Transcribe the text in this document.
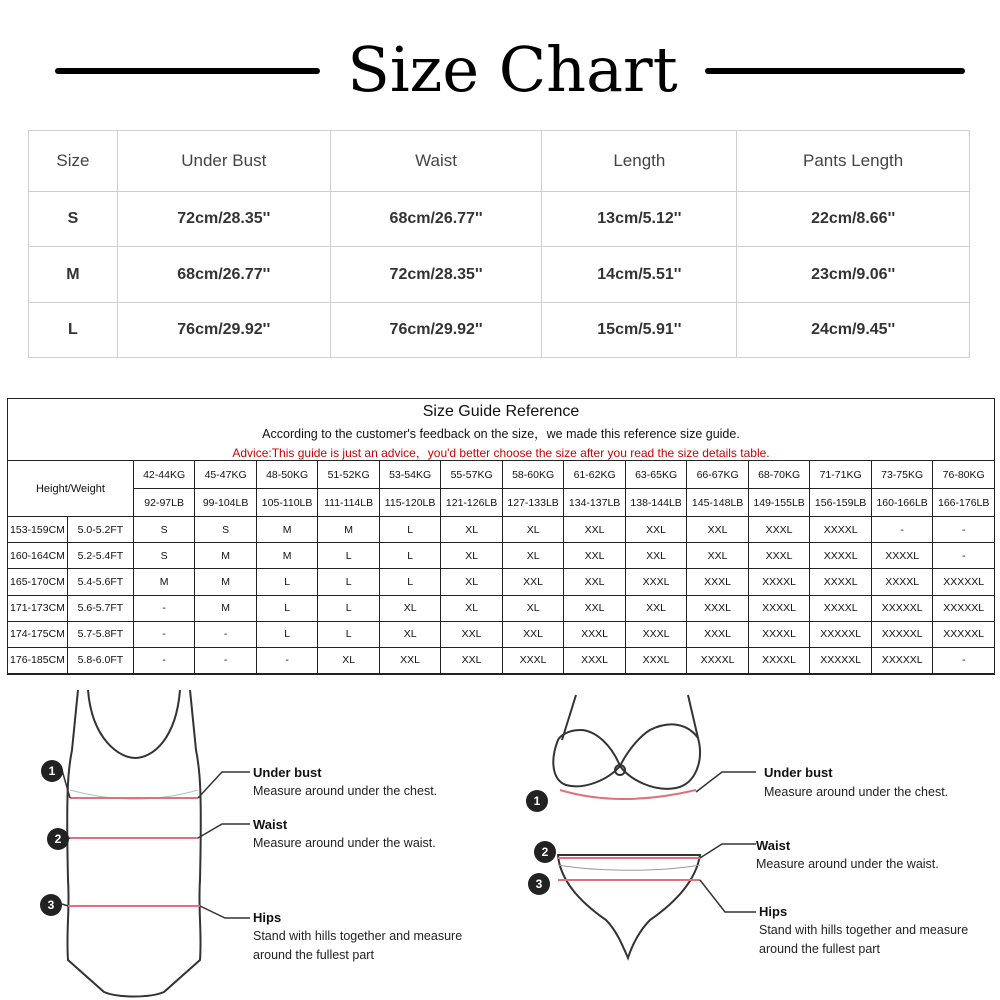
Size Chart
Size	Under Bust	Waist	Length	Pants Length
S	72cm/28.35''	68cm/26.77''	13cm/5.12''	22cm/8.66''
M	68cm/26.77''	72cm/28.35''	14cm/5.51''	23cm/9.06''
L	76cm/29.92''	76cm/29.92''	15cm/5.91''	24cm/9.45''
Size Guide Reference
According to the customer's feedback on the size，we made this reference size guide.
Advice:This guide is just an advice，you'd better choose the size after you read the size details table.
Height/Weight		42-44KG	45-47KG	48-50KG	51-52KG	53-54KG	55-57KG	58-60KG	61-62KG	63-65KG	66-67KG	68-70KG	71-71KG	73-75KG	76-80KG
		92-97LB	99-104LB	105-110LB	111-114LB	115-120LB	121-126LB	127-133LB	134-137LB	138-144LB	145-148LB	149-155LB	156-159LB	160-166LB	166-176LB
153-159CM	5.0-5.2FT	S	S	M	M	L	XL	XL	XXL	XXL	XXL	XXXL	XXXXL	-	-
160-164CM	5.2-5.4FT	S	M	M	L	L	XL	XL	XXL	XXL	XXL	XXXL	XXXXL	XXXXL	-
165-170CM	5.4-5.6FT	M	M	L	L	L	XL	XXL	XXL	XXXL	XXXL	XXXXL	XXXXL	XXXXL	XXXXXL
171-173CM	5.6-5.7FT	-	M	L	L	XL	XL	XL	XXL	XXL	XXXL	XXXXL	XXXXL	XXXXXL	XXXXXL
174-175CM	5.7-5.8FT	-	-	L	L	XL	XXL	XXL	XXXL	XXXL	XXXL	XXXXL	XXXXXL	XXXXXL	XXXXXL
176-185CM	5.8-6.0FT	-	-	-	XL	XXL	XXL	XXXL	XXXL	XXXL	XXXXL	XXXXL	XXXXXL	XXXXXL	-
1
2
3
Under bust
Measure around under the chest.
Waist
Measure around under the waist.
Hips
Stand with hills together and measure around the fullest part
1
2
3
Under bust
Measure around under the chest.
Waist
Measure around under the waist.
Hips
Stand with hills together and measure around the fullest part
